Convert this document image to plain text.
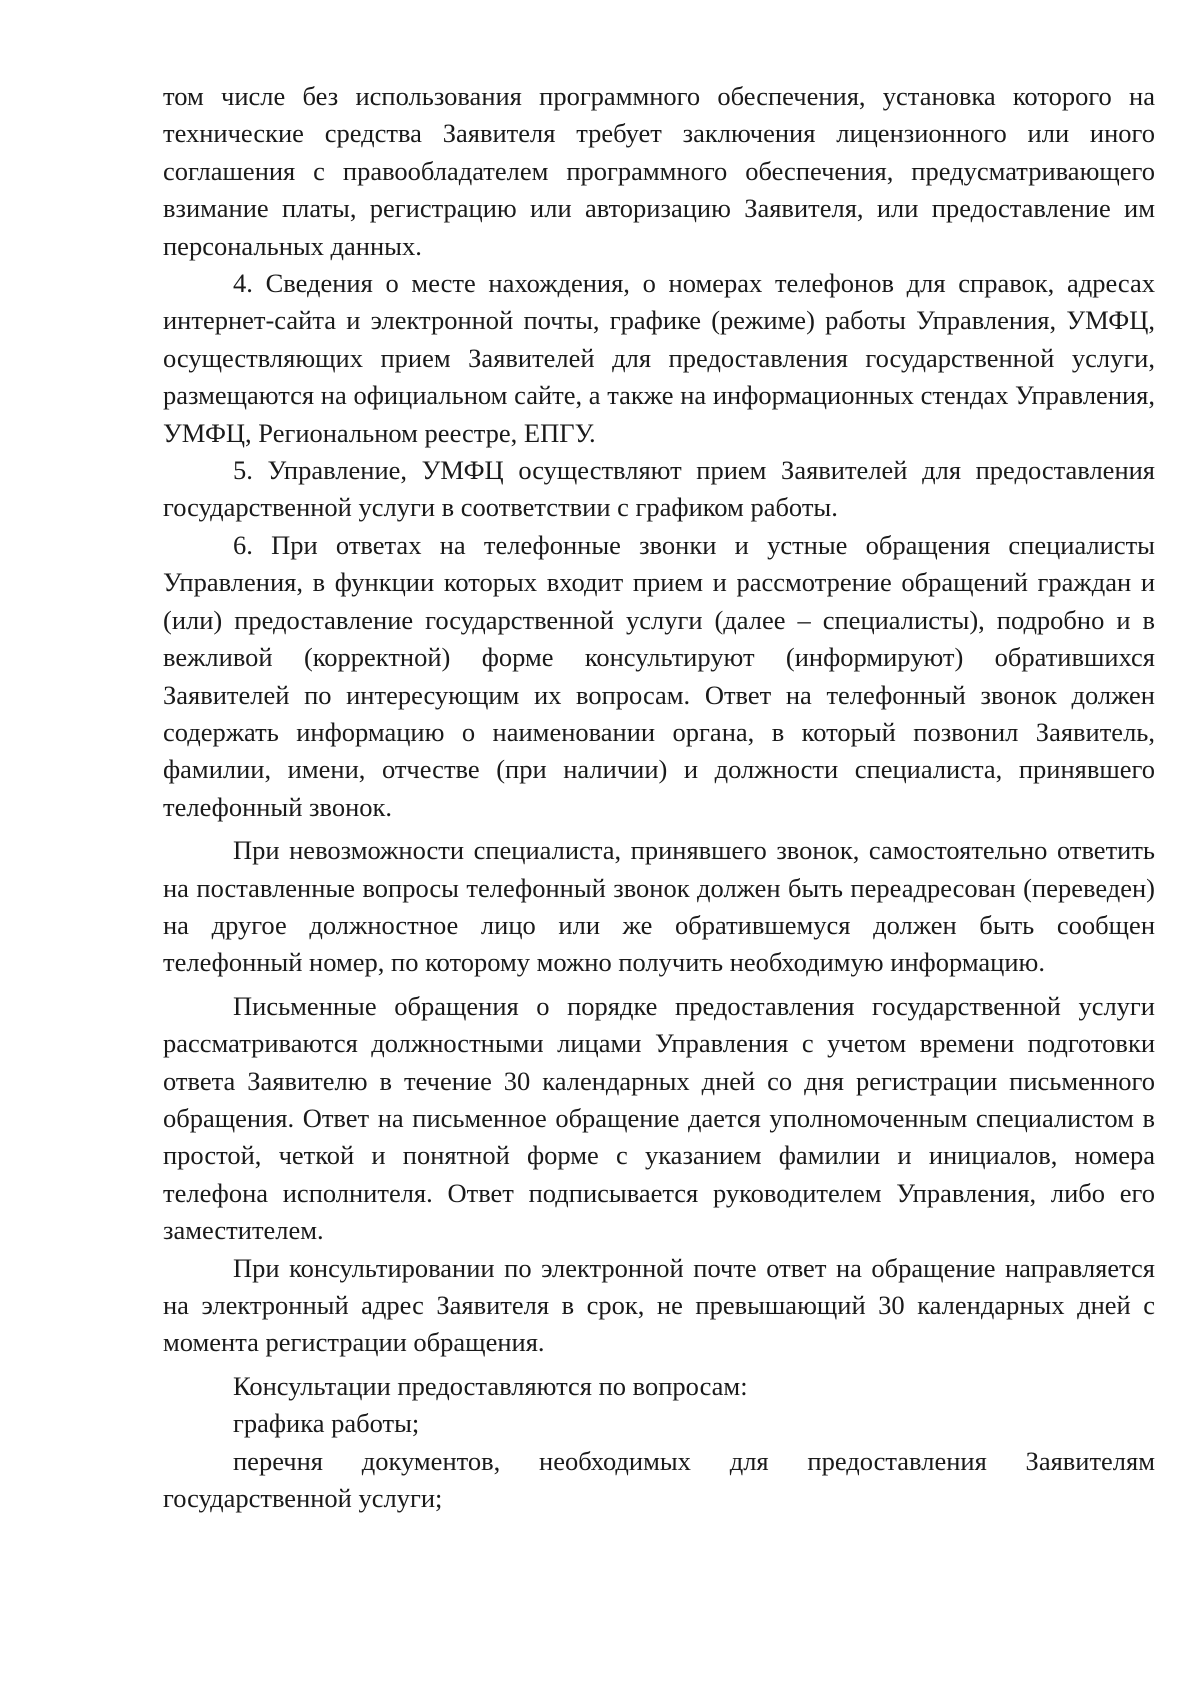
том числе без использования программного обеспечения, установка которого на технические средства Заявителя требует заключения лицензионного или иного соглашения с правообладателем программного обеспечения, предусматривающего взимание платы, регистрацию или авторизацию Заявителя, или предоставление им персональных данных.

4. Сведения о месте нахождения, о номерах телефонов для справок, адресах интернет-сайта и электронной почты, графике (режиме) работы Управления, УМФЦ, осуществляющих прием Заявителей для предоставления государственной услуги, размещаются на официальном сайте, а также на информационных стендах Управления, УМФЦ, Региональном реестре, ЕПГУ.

5. Управление, УМФЦ осуществляют прием Заявителей для предоставления государственной услуги в соответствии с графиком работы.

6. При ответах на телефонные звонки и устные обращения специалисты Управления, в функции которых входит прием и рассмотрение обращений граждан и (или) предоставление государственной услуги (далее – специалисты), подробно и в вежливой (корректной) форме консультируют (информируют) обратившихся Заявителей по интересующим их вопросам. Ответ на телефонный звонок должен содержать информацию о наименовании органа, в который позвонил Заявитель, фамилии, имени, отчестве (при наличии) и должности специалиста, принявшего телефонный звонок.

При невозможности специалиста, принявшего звонок, самостоятельно ответить на поставленные вопросы телефонный звонок должен быть переадресован (переведен) на другое должностное лицо или же обратившемуся должен быть сообщен телефонный номер, по которому можно получить необходимую информацию.

Письменные обращения о порядке предоставления государственной услуги рассматриваются должностными лицами Управления с учетом времени подготовки ответа Заявителю в течение 30 календарных дней со дня регистрации письменного обращения. Ответ на письменное обращение дается уполномоченным специалистом в простой, четкой и понятной форме с указанием фамилии и инициалов, номера телефона исполнителя. Ответ подписывается руководителем Управления, либо его заместителем.

При консультировании по электронной почте ответ на обращение направляется на электронный адрес Заявителя в срок, не превышающий 30 календарных дней с момента регистрации обращения.

Консультации предоставляются по вопросам:

графика работы;

перечня документов, необходимых для предоставления Заявителям государственной услуги;
